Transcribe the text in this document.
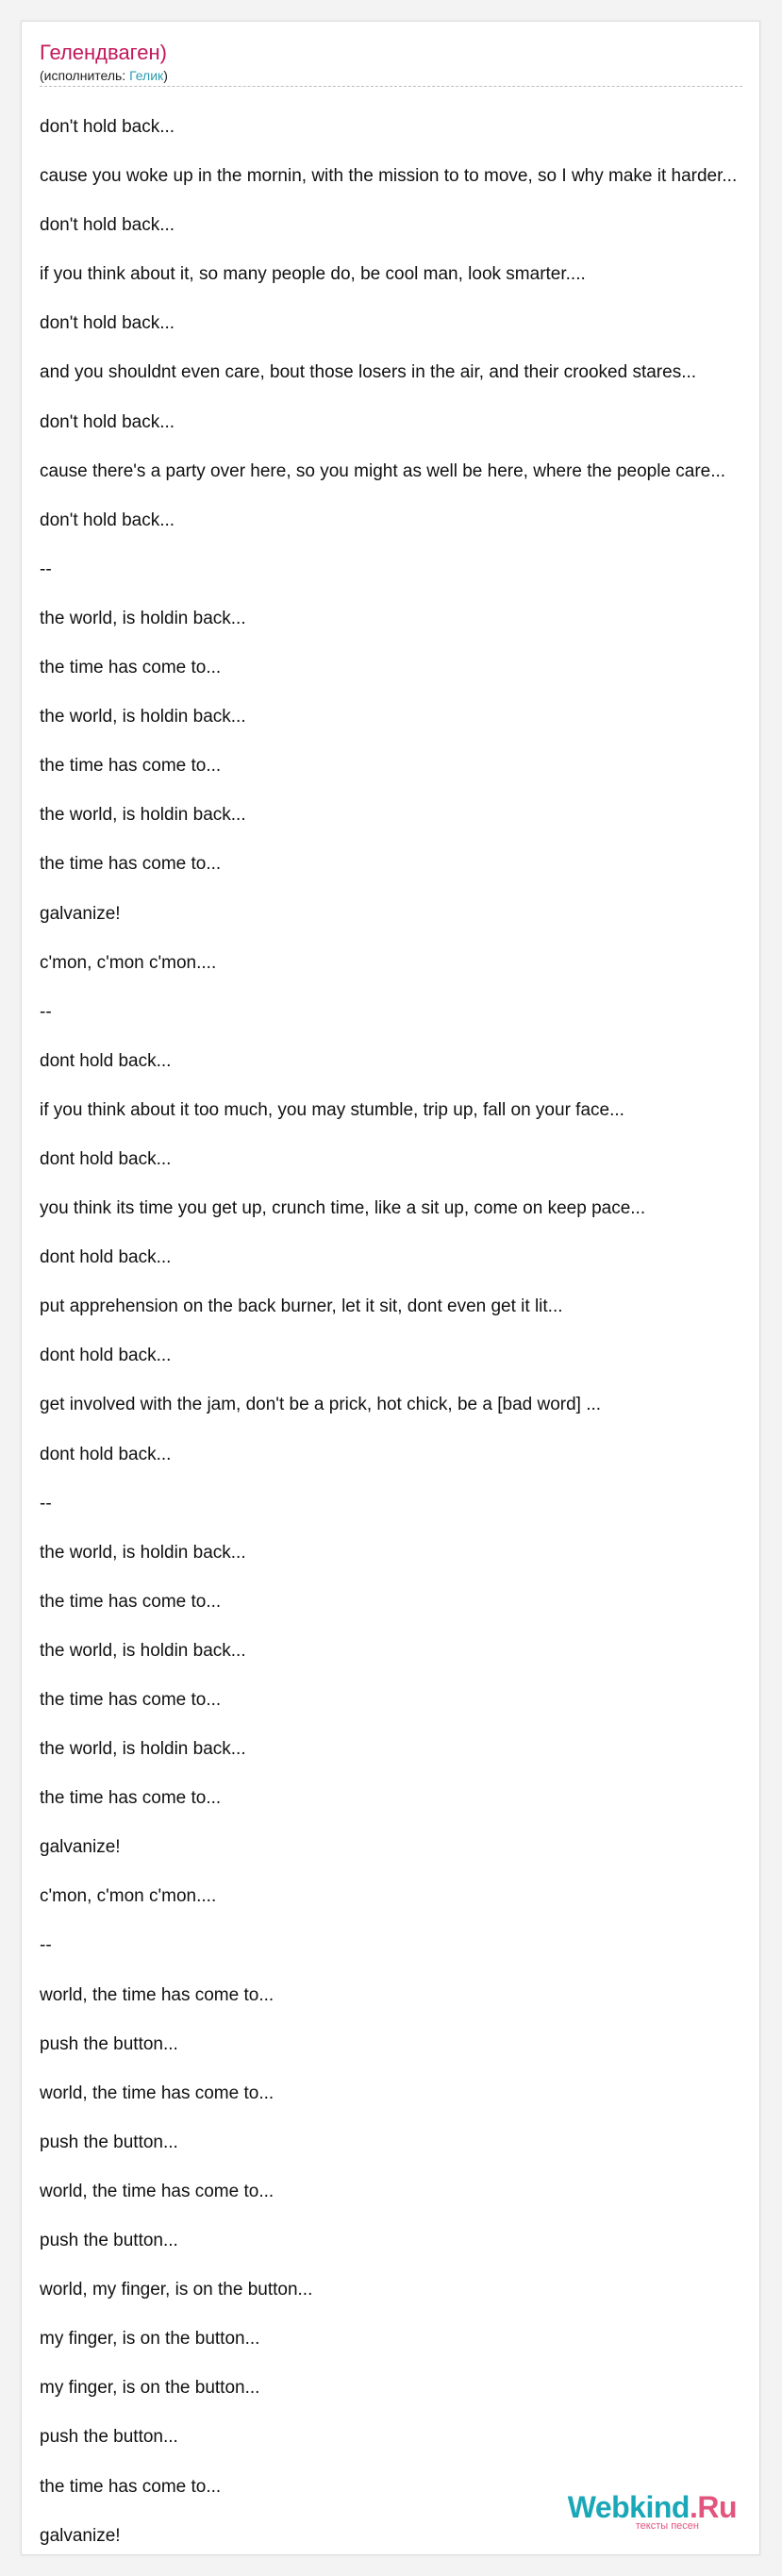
Гелендваген)
(исполнитель: Гелик)
don't hold back...
cause you woke up in the mornin, with the mission to to move, so I why make it harder...
don't hold back...
if you think about it, so many people do, be cool man, look smarter....
don't hold back...
and you shouldnt even care, bout those losers in the air, and their crooked stares...
don't hold back...
cause there's a party over here, so you might as well be here, where the people care...
don't hold back...
--
the world, is holdin back...
the time has come to...
the world, is holdin back...
the time has come to...
the world, is holdin back...
the time has come to...
galvanize!
c'mon, c'mon c'mon....
--
dont hold back...
if you think about it too much, you may stumble, trip up, fall on your face...
dont hold back...
you think its time you get up, crunch time, like a sit up, come on keep pace...
dont hold back...
put apprehension on the back burner, let it sit, dont even get it lit...
dont hold back...
get involved with the jam, don't be a prick, hot chick, be a [bad word] ...
dont hold back...
--
the world, is holdin back...
the time has come to...
the world, is holdin back...
the time has come to...
the world, is holdin back...
the time has come to...
galvanize!
c'mon, c'mon c'mon....
--
world, the time has come to...
push the button...
world, the time has come to...
push the button...
world, the time has come to...
push the button...
world, my finger, is on the button...
my finger, is on the button...
my finger, is on the button...
push the button...
the time has come to...
galvanize!
Webkind.Ru
тексты песен
